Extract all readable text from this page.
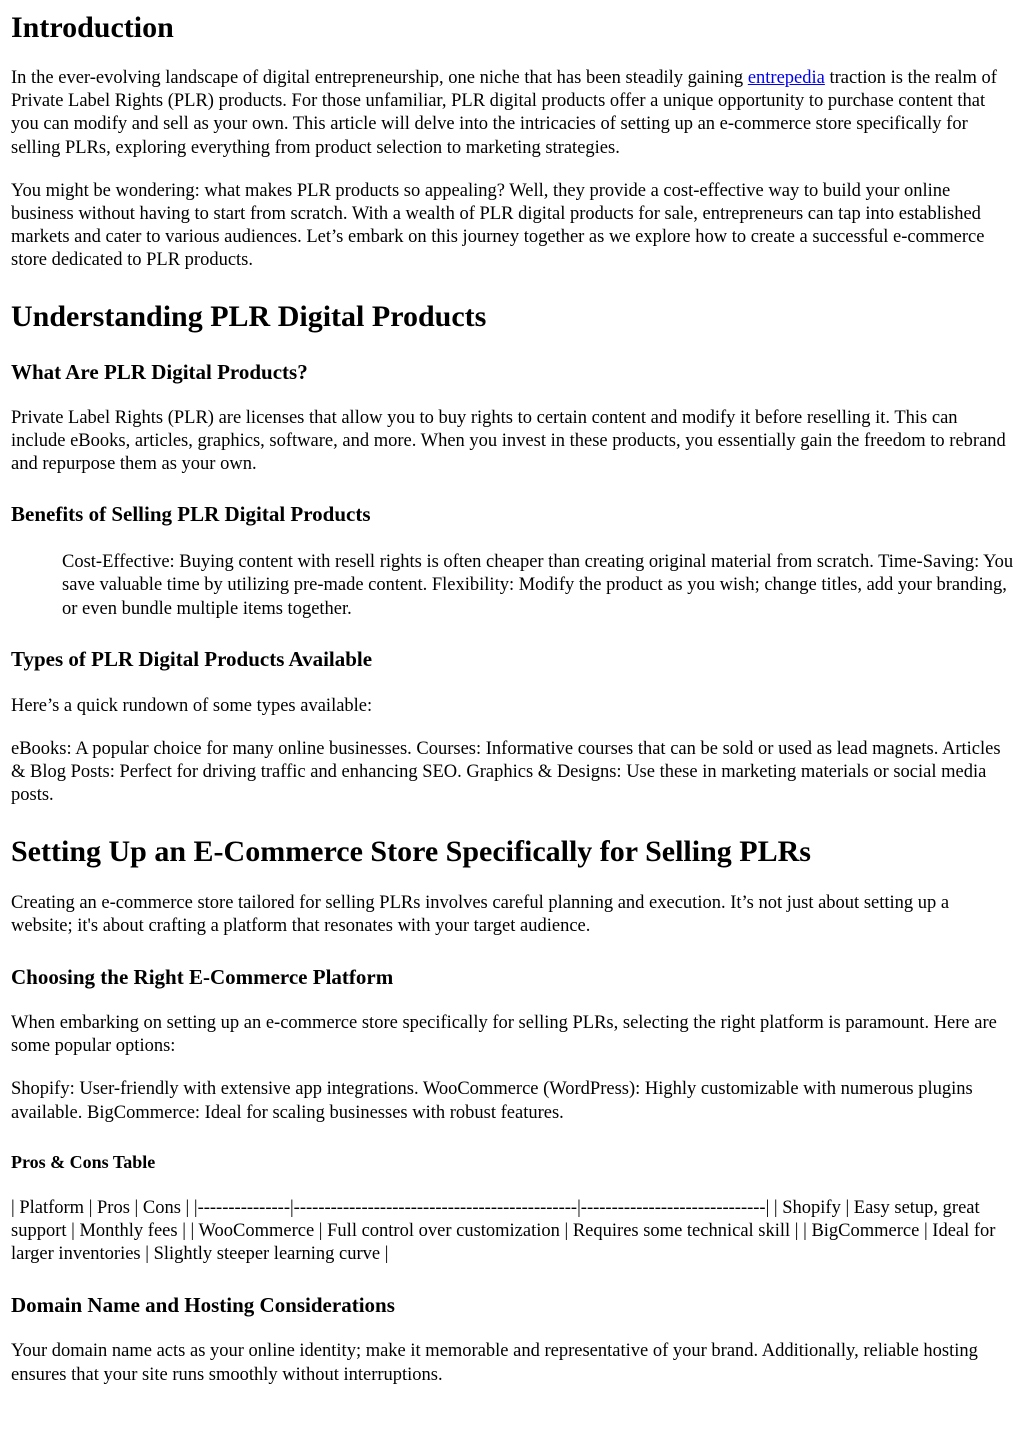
Introduction

In the ever-evolving landscape of digital entrepreneurship, one niche that has been steadily gaining entrepedia traction is the realm of Private Label Rights (PLR) products. For those unfamiliar, PLR digital products offer a unique opportunity to purchase content that you can modify and sell as your own. This article will delve into the intricacies of setting up an e-commerce store specifically for selling PLRs, exploring everything from product selection to marketing strategies.

You might be wondering: what makes PLR products so appealing? Well, they provide a cost-effective way to build your online business without having to start from scratch. With a wealth of PLR digital products for sale, entrepreneurs can tap into established markets and cater to various audiences. Let’s embark on this journey together as we explore how to create a successful e-commerce store dedicated to PLR products.

Understanding PLR Digital Products
What Are PLR Digital Products?

Private Label Rights (PLR) are licenses that allow you to buy rights to certain content and modify it before reselling it. This can include eBooks, articles, graphics, software, and more. When you invest in these products, you essentially gain the freedom to rebrand and repurpose them as your own.

Benefits of Selling PLR Digital Products

Cost-Effective: Buying content with resell rights is often cheaper than creating original material from scratch. Time-Saving: You save valuable time by utilizing pre-made content. Flexibility: Modify the product as you wish; change titles, add your branding, or even bundle multiple items together.

Types of PLR Digital Products Available

Here’s a quick rundown of some types available:

eBooks: A popular choice for many online businesses. Courses: Informative courses that can be sold or used as lead magnets. Articles & Blog Posts: Perfect for driving traffic and enhancing SEO. Graphics & Designs: Use these in marketing materials or social media posts.

Setting Up an E-Commerce Store Specifically for Selling PLRs

Creating an e-commerce store tailored for selling PLRs involves careful planning and execution. It’s not just about setting up a website; it's about crafting a platform that resonates with your target audience.

Choosing the Right E-Commerce Platform

When embarking on setting up an e-commerce store specifically for selling PLRs, selecting the right platform is paramount. Here are some popular options:

Shopify: User-friendly with extensive app integrations. WooCommerce (WordPress): Highly customizable with numerous plugins available. BigCommerce: Ideal for scaling businesses with robust features.

Pros & Cons Table

| Platform | Pros | Cons | |---------------|----------------------------------------------|------------------------------| | Shopify | Easy setup, great support | Monthly fees | | WooCommerce | Full control over customization | Requires some technical skill | | BigCommerce | Ideal for larger inventories | Slightly steeper learning curve |

Domain Name and Hosting Considerations

Your domain name acts as your online identity; make it memorable and representative of your brand. Additionally, reliable hosting ensures that your site runs smoothly without interruptions.
